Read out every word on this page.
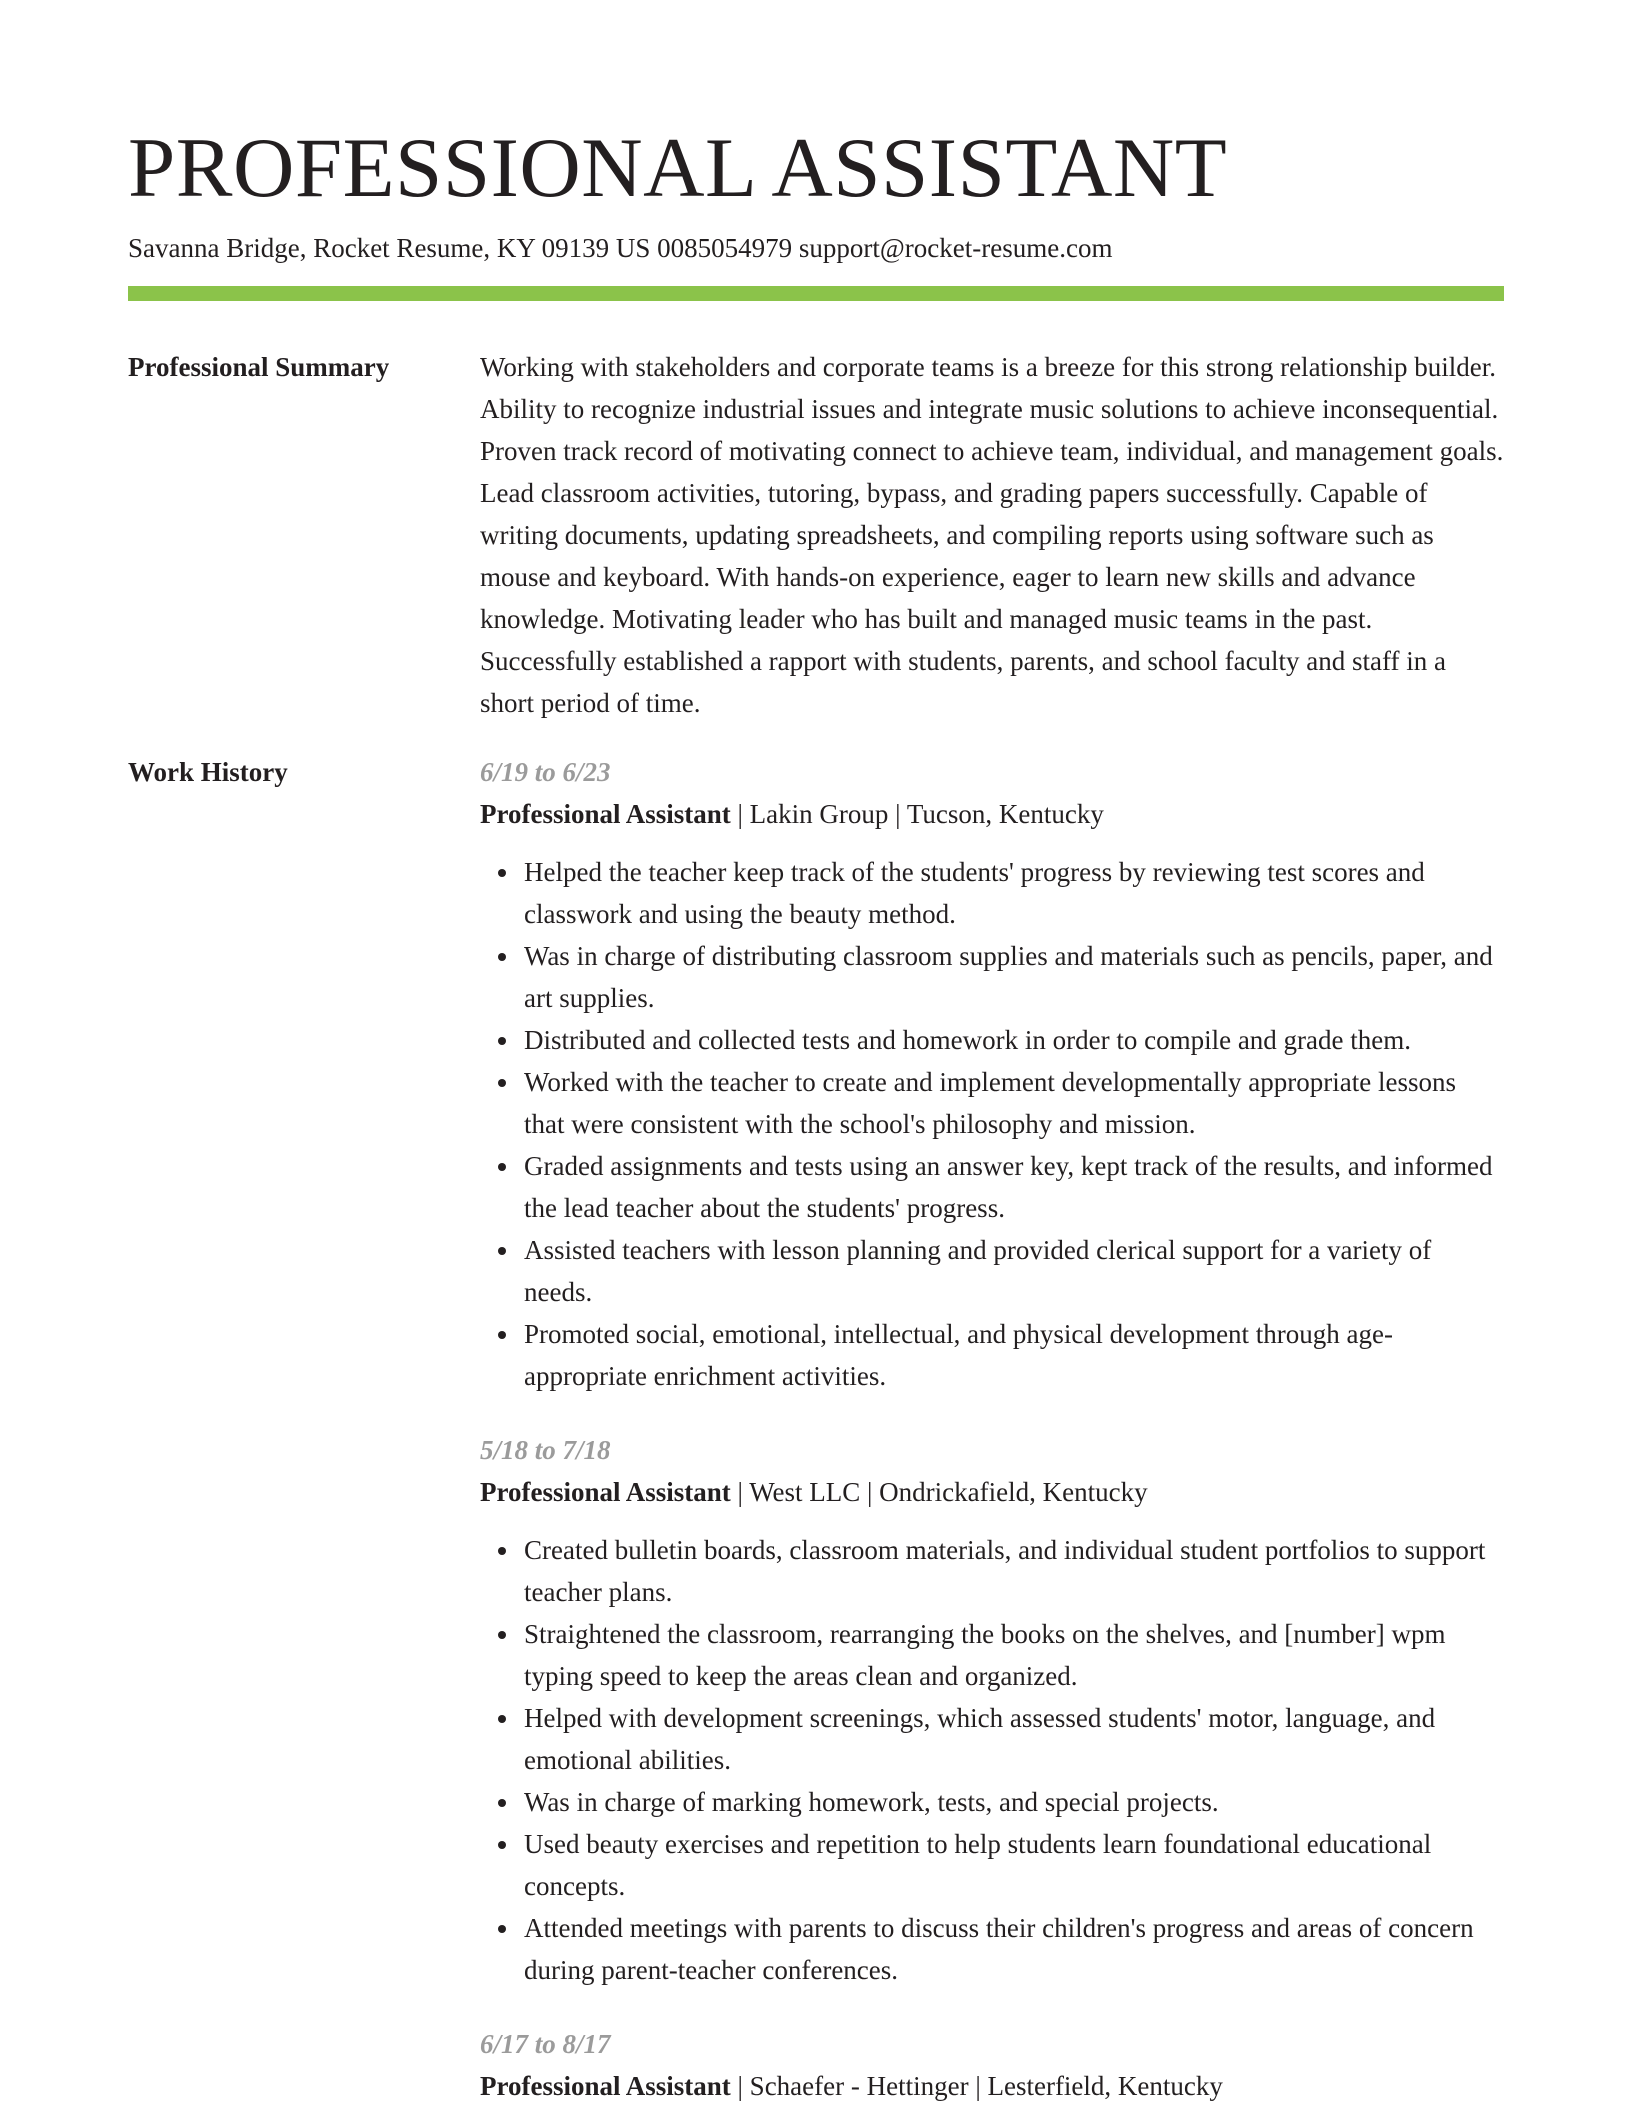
PROFESSIONAL ASSISTANT
Savanna Bridge, Rocket Resume, KY 09139 US 0085054979 support@rocket-resume.com
Professional Summary	Working with stakeholders and corporate teams is a breeze for this strong relationship builder. Ability to recognize industrial issues and integrate music solutions to achieve inconsequential. Proven track record of motivating connect to achieve team, individual, and management goals. Lead classroom activities, tutoring, bypass, and grading papers successfully. Capable of writing documents, updating spreadsheets, and compiling reports using software such as mouse and keyboard. With hands-on experience, eager to learn new skills and advance knowledge. Motivating leader who has built and managed music teams in the past. Successfully established a rapport with students, parents, and school faculty and staff in a short period of time.

Work History	6/19 to 6/23
Professional Assistant | Lakin Group | Tucson, Kentucky
Helped the teacher keep track of the students' progress by reviewing test scores and classwork and using the beauty method.
Was in charge of distributing classroom supplies and materials such as pencils, paper, and art supplies.
Distributed and collected tests and homework in order to compile and grade them.
Worked with the teacher to create and implement developmentally appropriate lessons that were consistent with the school's philosophy and mission.
Graded assignments and tests using an answer key, kept track of the results, and informed the lead teacher about the students' progress.
Assisted teachers with lesson planning and provided clerical support for a variety of needs.
Promoted social, emotional, intellectual, and physical development through age-appropriate enrichment activities.
5/18 to 7/18
Professional Assistant | West LLC | Ondrickafield, Kentucky
Created bulletin boards, classroom materials, and individual student portfolios to support teacher plans.
Straightened the classroom, rearranging the books on the shelves, and [number] wpm typing speed to keep the areas clean and organized.
Helped with development screenings, which assessed students' motor, language, and emotional abilities.
Was in charge of marking homework, tests, and special projects.
Used beauty exercises and repetition to help students learn foundational educational concepts.
Attended meetings with parents to discuss their children's progress and areas of concern during parent-teacher conferences.
6/17 to 8/17
Professional Assistant | Schaefer - Hettinger | Lesterfield, Kentucky
